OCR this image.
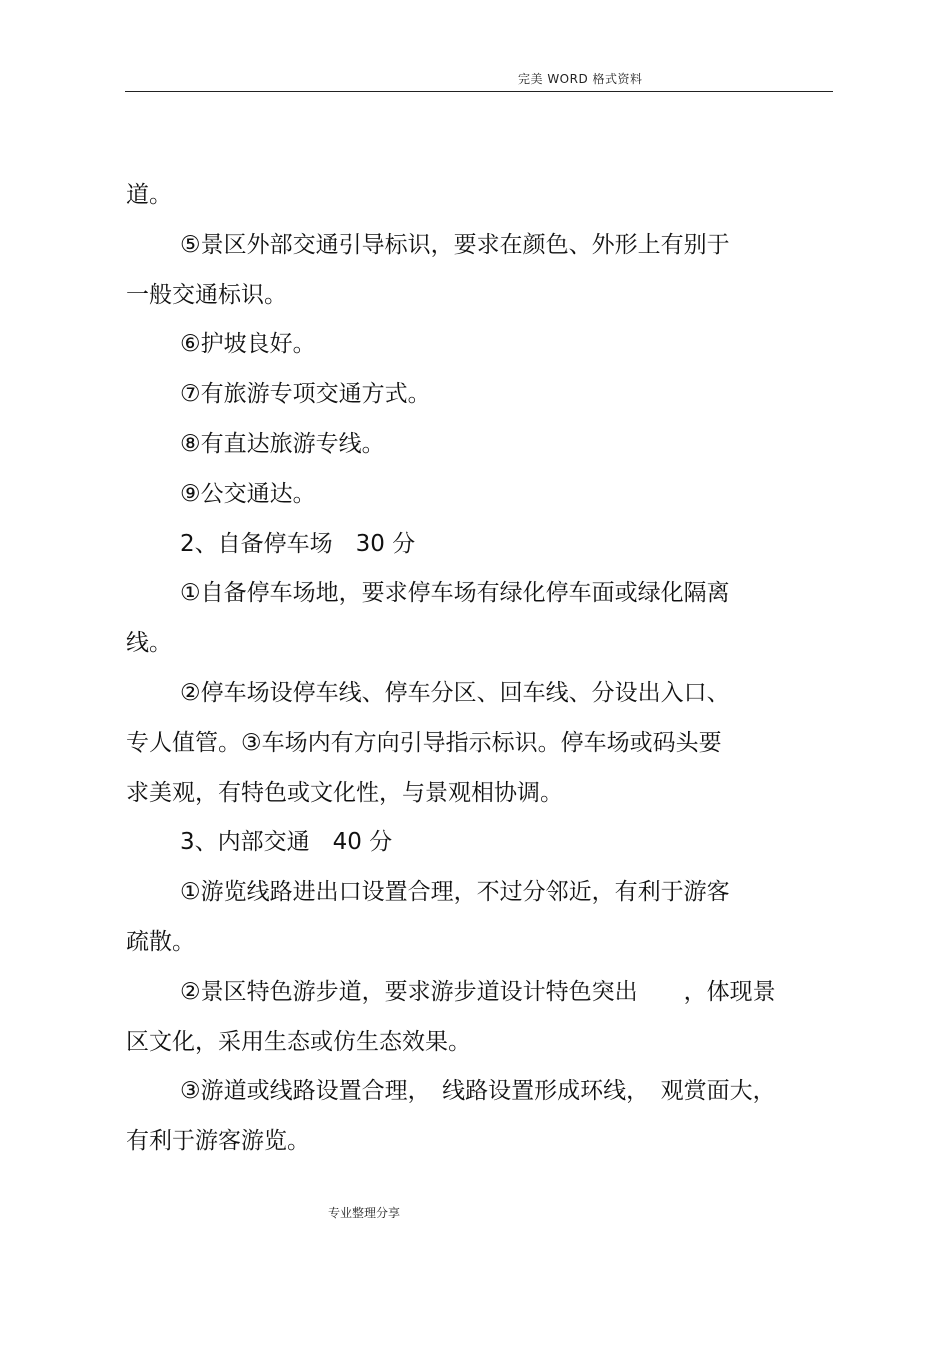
完美 WORD 格式资料
道。
⑤景区外部交通引导标识，要求在颜色、外形上有别于
一般交通标识。
⑥护坡良好。
⑦有旅游专项交通方式。
⑧有直达旅游专线。
⑨公交通达。
2、自备停车场　30 分
①自备停车场地，要求停车场有绿化停车面或绿化隔离
线。
②停车场设停车线、停车分区、回车线、分设出入口、
专人值管。③车场内有方向引导指示标识。停车场或码头要
求美观，有特色或文化性，与景观相协调。
3、内部交通　40 分
①游览线路进出口设置合理，不过分邻近，有利于游客
疏散。
②景区特色游步道，要求游步道设计特色突出　　，体现景
区文化，采用生态或仿生态效果。
③游道或线路设置合理，　线路设置形成环线，　观赏面大，
有利于游客游览。
专业整理分享
